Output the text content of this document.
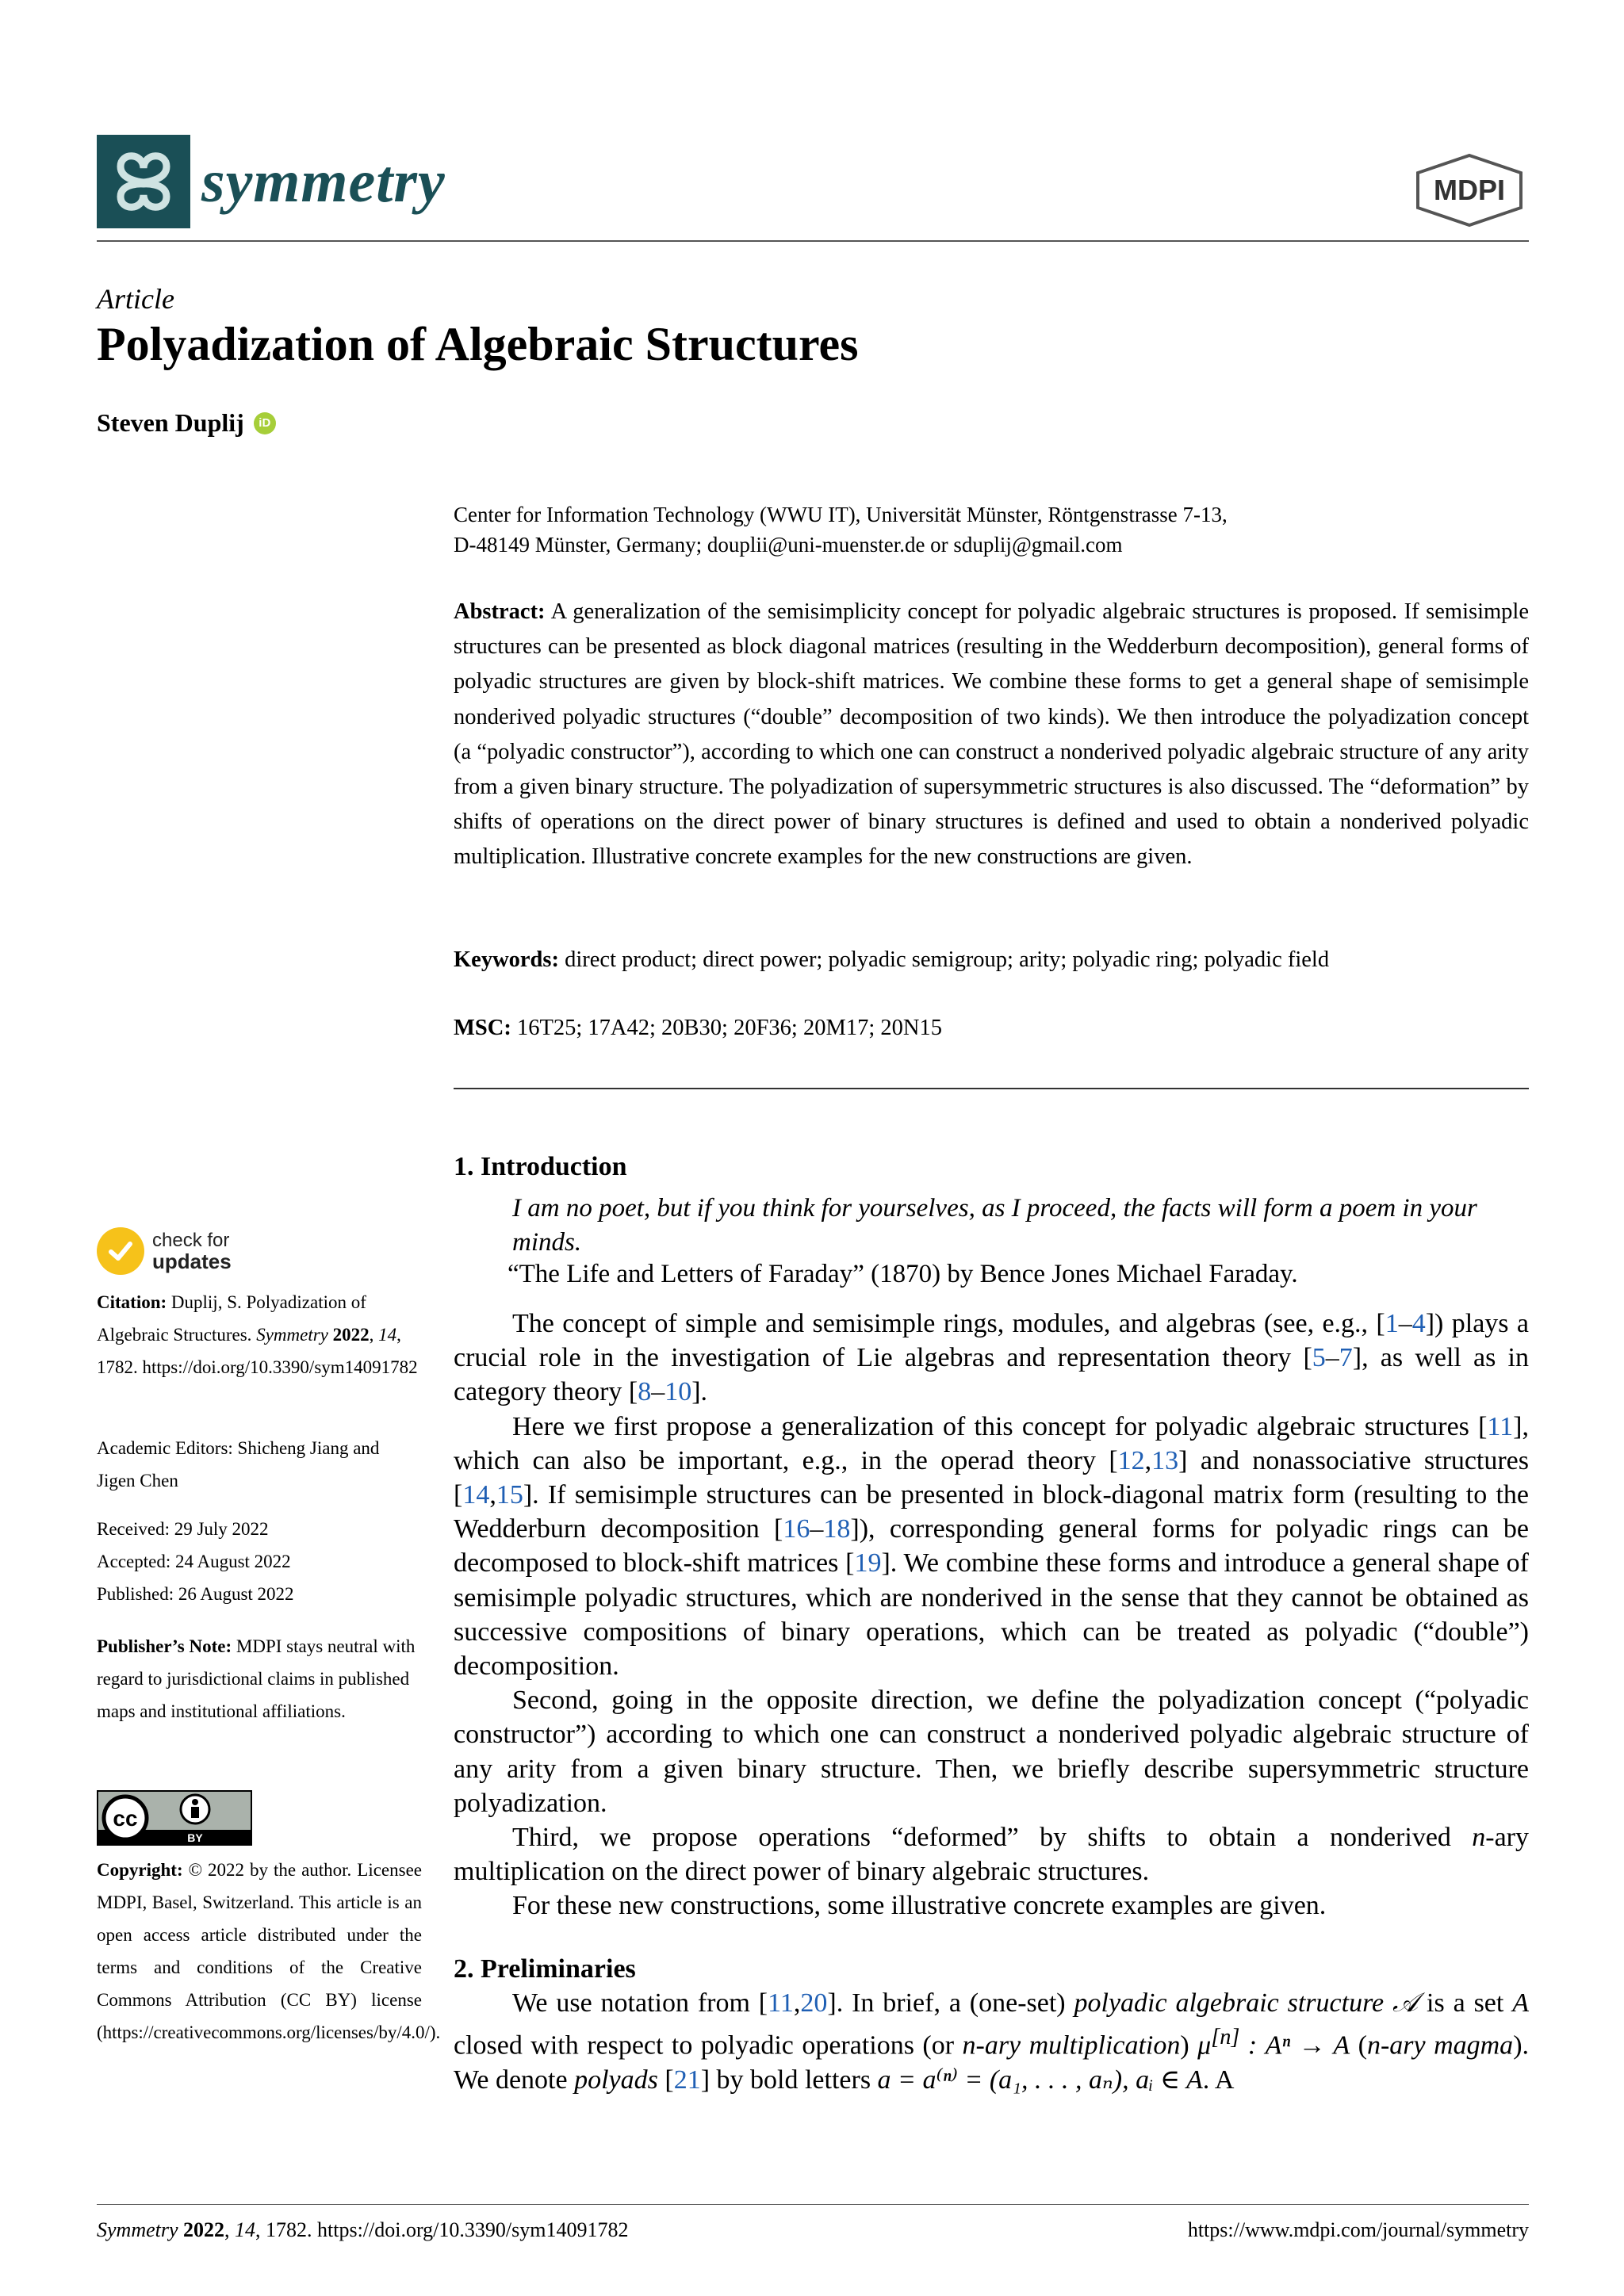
symmetry	MDPI
Article
Polyadization of Algebraic Structures
Steven Duplij	iD
Center for Information Technology (WWU IT), Universität Münster, Röntgenstrasse 7-13,
D-48149 Münster, Germany; douplii@uni-muenster.de or sduplij@gmail.com
Abstract: A generalization of the semisimplicity concept for polyadic algebraic structures is proposed. If semisimple structures can be presented as block diagonal matrices (resulting in the Wedderburn decomposition), general forms of polyadic structures are given by block-shift matrices. We combine these forms to get a general shape of semisimple nonderived polyadic structures (“double” decomposition of two kinds). We then introduce the polyadization concept (a “polyadic constructor”), according to which one can construct a nonderived polyadic algebraic structure of any arity from a given binary structure. The polyadization of supersymmetric structures is also discussed. The “deformation” by shifts of operations on the direct power of binary structures is defined and used to obtain a nonderived polyadic multiplication. Illustrative concrete examples for the new constructions are given.
Keywords: direct product; direct power; polyadic semigroup; arity; polyadic ring; polyadic field
MSC: 16T25; 17A42; 20B30; 20F36; 20M17; 20N15
1. Introduction
I am no poet, but if you think for yourselves, as I proceed, the facts will form a poem in your minds.
“The Life and Letters of Faraday” (1870) by Bence Jones Michael Faraday.

The concept of simple and semisimple rings, modules, and algebras (see, e.g., [1–4]) plays a crucial role in the investigation of Lie algebras and representation theory [5–7], as well as in category theory [8–10].

Here we first propose a generalization of this concept for polyadic algebraic structures [11], which can also be important, e.g., in the operad theory [12,13] and nonassociative structures [14,15]. If semisimple structures can be presented in block-diagonal matrix form (resulting to the Wedderburn decomposition [16–18]), corresponding general forms for polyadic rings can be decomposed to block-shift matrices [19]. We combine these forms and introduce a general shape of semisimple polyadic structures, which are nonderived in the sense that they cannot be obtained as successive compositions of binary operations, which can be treated as polyadic (“double”) decomposition.

Second, going in the opposite direction, we define the polyadization concept (“polyadic constructor”) according to which one can construct a nonderived polyadic algebraic structure of any arity from a given binary structure. Then, we briefly describe supersymmetric structure polyadization.

Third, we propose operations “deformed” by shifts to obtain a nonderived n-ary multiplication on the direct power of binary algebraic structures.

For these new constructions, some illustrative concrete examples are given.

2. Preliminaries

We use notation from [11,20]. In brief, a (one-set) polyadic algebraic structure 𝒜 is a set A closed with respect to polyadic operations (or n-ary multiplication) μ[n] : Aⁿ → A (n-ary magma). We denote polyads [21] by bold letters a = a⁽ⁿ⁾ = (a₁, . . . , aₙ), aᵢ ∈ A. A

check for
updates

Citation: Duplij, S. Polyadization of Algebraic Structures. Symmetry 2022, 14, 1782. https://doi.org/10.3390/sym14091782

Academic Editors: Shicheng Jiang and Jigen Chen

Received: 29 July 2022

Accepted: 24 August 2022

Published: 26 August 2022

Publisher’s Note: MDPI stays neutral with regard to jurisdictional claims in published maps and institutional affiliations.

cc
BY

Copyright: © 2022 by the author. Licensee MDPI, Basel, Switzerland. This article is an open access article distributed under the terms and conditions of the Creative Commons Attribution (CC BY) license (https://creativecommons.org/licenses/by/4.0/).

Symmetry 2022, 14, 1782. https://doi.org/10.3390/sym14091782	https://www.mdpi.com/journal/symmetry
